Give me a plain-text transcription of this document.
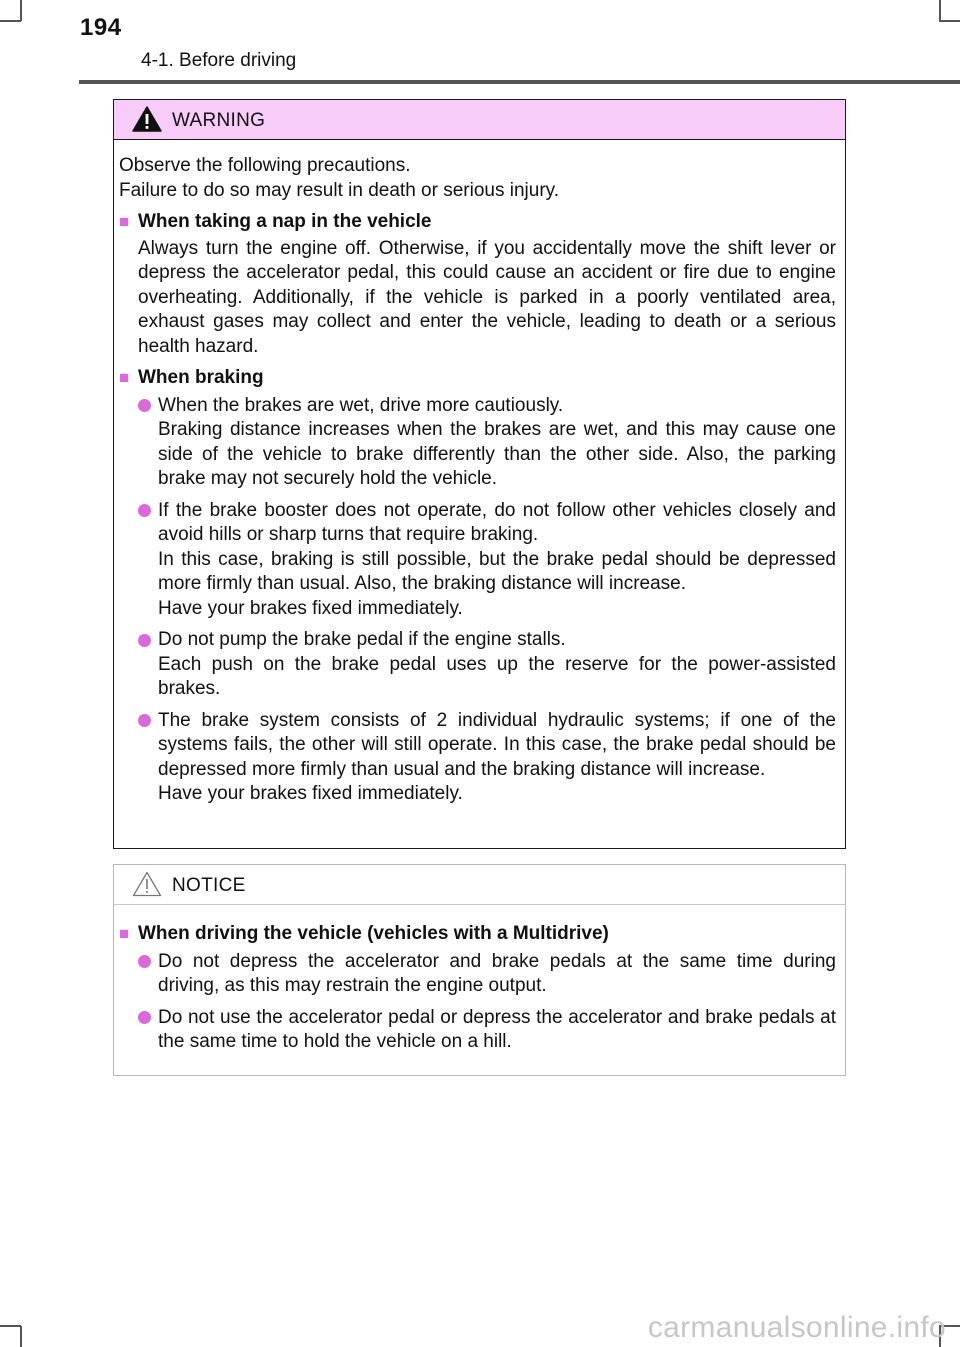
194
4-1. Before driving
WARNING
Observe the following precautions.
Failure to do so may result in death or serious injury.
■ When taking a nap in the vehicle
Always turn the engine off. Otherwise, if you accidentally move the shift lever or depress the accelerator pedal, this could cause an accident or fire due to engine overheating. Additionally, if the vehicle is parked in a poorly ventilated area, exhaust gases may collect and enter the vehicle, leading to death or a serious health hazard.
■ When braking
When the brakes are wet, drive more cautiously.
Braking distance increases when the brakes are wet, and this may cause one side of the vehicle to brake differently than the other side. Also, the parking brake may not securely hold the vehicle.
If the brake booster does not operate, do not follow other vehicles closely and avoid hills or sharp turns that require braking.
In this case, braking is still possible, but the brake pedal should be depressed more firmly than usual. Also, the braking distance will increase.
Have your brakes fixed immediately.
Do not pump the brake pedal if the engine stalls.
Each push on the brake pedal uses up the reserve for the power-assisted brakes.
The brake system consists of 2 individual hydraulic systems; if one of the systems fails, the other will still operate. In this case, the brake pedal should be depressed more firmly than usual and the braking distance will increase.
Have your brakes fixed immediately.
NOTICE
■ When driving the vehicle (vehicles with a Multidrive)
Do not depress the accelerator and brake pedals at the same time during driving, as this may restrain the engine output.
Do not use the accelerator pedal or depress the accelerator and brake pedals at the same time to hold the vehicle on a hill.
carmanualsonline.info
